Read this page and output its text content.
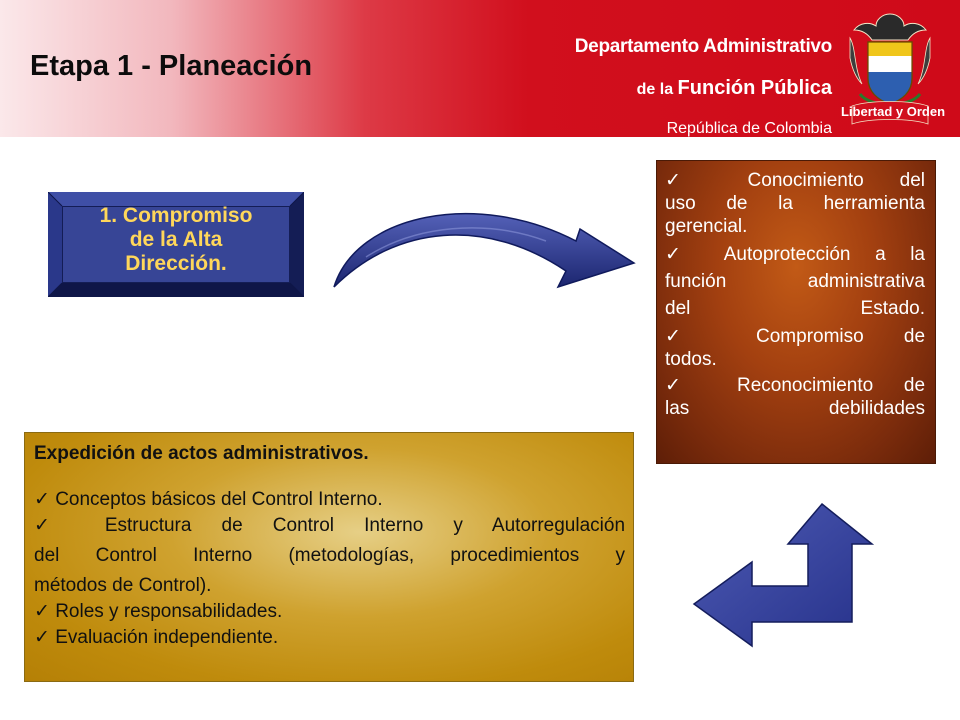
Etapa 1 - Planeación
Departamento Administrativo
de la Función Pública
República de Colombia
Libertad y Orden
1. Compromiso
de la Alta
Dirección.
✓ Conocimiento del
uso de la herramienta
gerencial.
✓ Autoprotección a la
función administrativa
del Estado.
✓ Compromiso de
todos.
✓ Reconocimiento de
las debilidades
Expedición de actos administrativos.
✓ Conceptos básicos del Control Interno.
✓ Estructura de Control Interno y Autorregulación
del Control Interno (metodologías, procedimientos y
métodos de Control).
✓ Roles y responsabilidades.
✓ Evaluación independiente.
